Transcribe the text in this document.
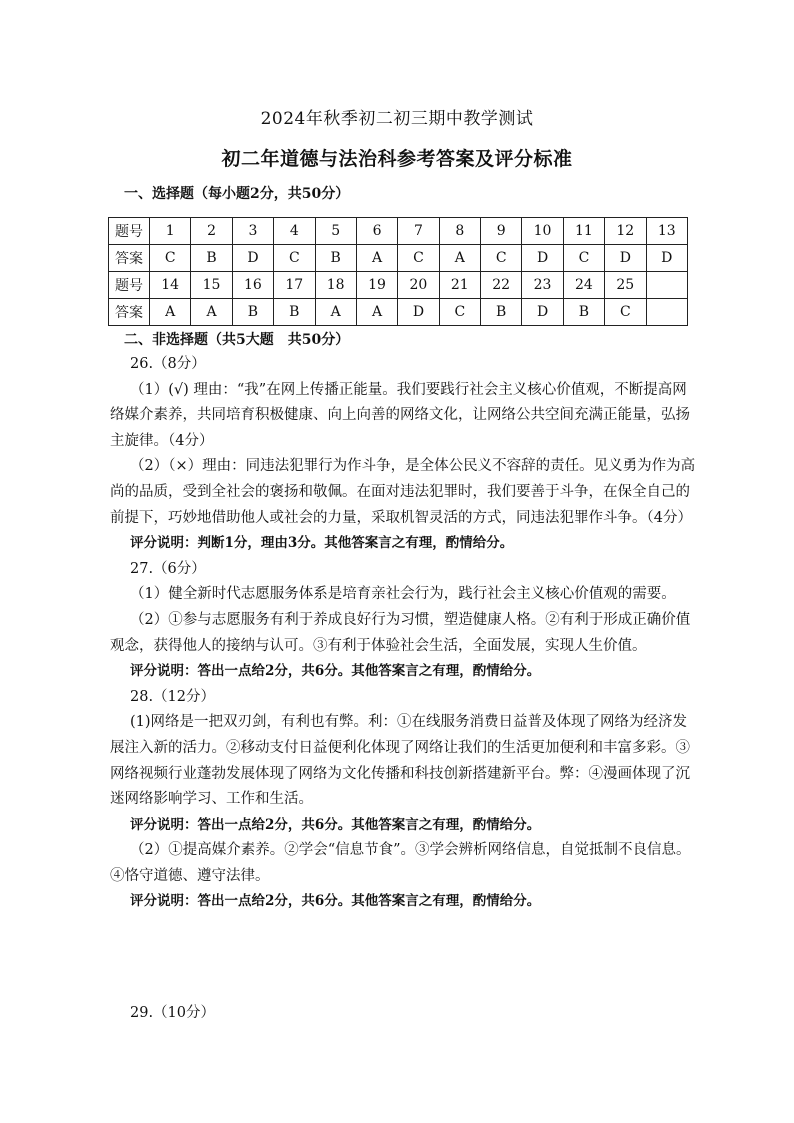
2024年秋季初二初三期中教学测试
初二年道德与法治科参考答案及评分标准
一、选择题（每小题2分，共50分）
题号	1	2	3	4	5	6	7	8	9	10	11	12	13
答案	C	B	D	C	B	A	C	A	C	D	C	D	D
题号	14	15	16	17	18	19	20	21	22	23	24	25	
答案	A	A	B	B	A	A	D	C	B	D	B	C	
二、非选择题（共5大题　共50分）

26.（8分）

（1）(√) 理由：“我”在网上传播正能量。我们要践行社会主义核心价值观，不断提高网络媒介素养，共同培育积极健康、向上向善的网络文化，让网络公共空间充满正能量，弘扬主旋律。（4分）

（2）（×）理由：同违法犯罪行为作斗争，是全体公民义不容辞的责任。见义勇为作为高尚的品质，受到全社会的褒扬和敬佩。在面对违法犯罪时，我们要善于斗争，在保全自己的前提下，巧妙地借助他人或社会的力量，采取机智灵活的方式，同违法犯罪作斗争。（4分）

评分说明：判断1分，理由3分。其他答案言之有理，酌情给分。

27.（6分）

（1）健全新时代志愿服务体系是培育亲社会行为，践行社会主义核心价值观的需要。

（2）①参与志愿服务有利于养成良好行为习惯，塑造健康人格。②有利于形成正确价值观念，获得他人的接纳与认可。③有利于体验社会生活，全面发展，实现人生价值。

评分说明：答出一点给2分，共6分。其他答案言之有理，酌情给分。

28.（12分）

(1)网络是一把双刃剑，有利也有弊。利：①在线服务消费日益普及体现了网络为经济发展注入新的活力。②移动支付日益便利化体现了网络让我们的生活更加便利和丰富多彩。③网络视频行业蓬勃发展体现了网络为文化传播和科技创新搭建新平台。弊：④漫画体现了沉迷网络影响学习、工作和生活。

评分说明：答出一点给2分，共6分。其他答案言之有理，酌情给分。

（2）①提高媒介素养。②学会“信息节食”。③学会辨析网络信息，自觉抵制不良信息。④恪守道德、遵守法律。

评分说明：答出一点给2分，共6分。其他答案言之有理，酌情给分。

29.（10分）
